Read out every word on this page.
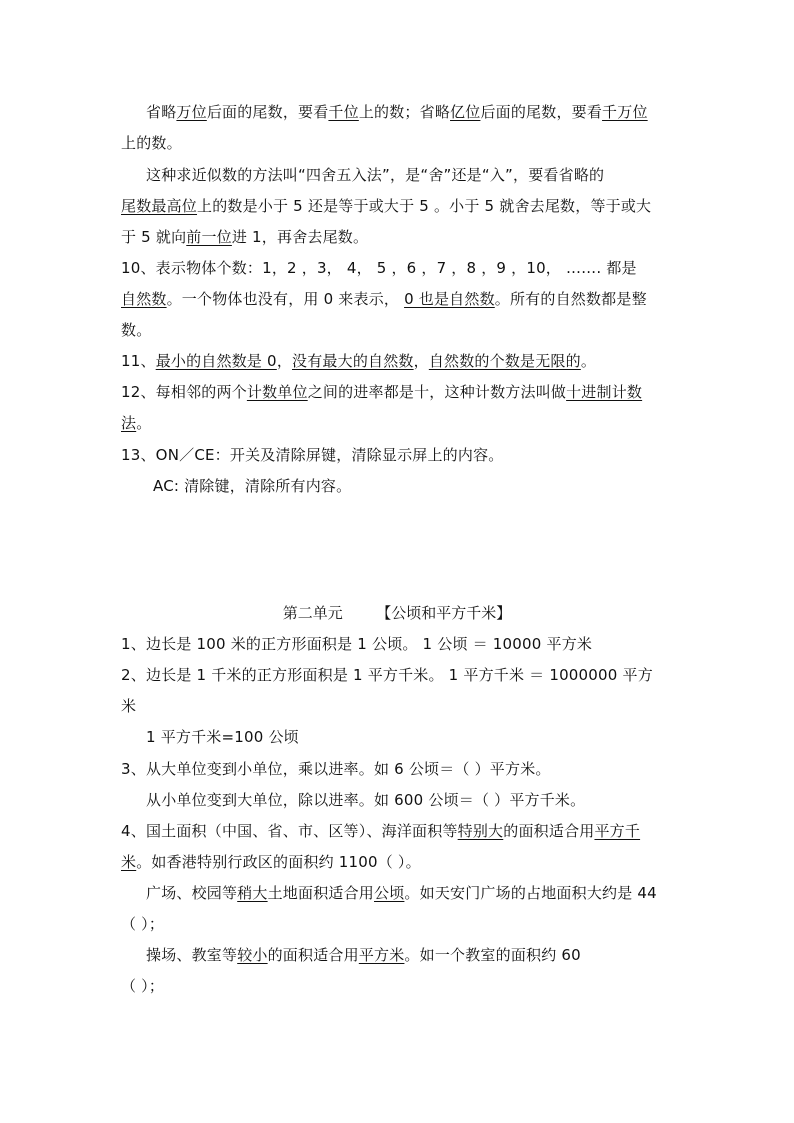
省略万位后面的尾数，要看千位上的数；省略亿位后面的尾数，要看千万位
上的数。
这种求近似数的方法叫“四舍五入法”，是“舍”还是“入”，要看省略的
尾数最高位上的数是小于 5 还是等于或大于 5 。小于 5 就舍去尾数，等于或大
于 5 就向前一位进 1，再舍去尾数。
10、表示物体个数：1，2 ，3， 4， 5 ，6 ，7 ，8 ，9 ，10， ……. 都是
自然数。一个物体也没有，用 0 来表示， 0 也是自然数。所有的自然数都是整
数。
11、最小的自然数是 0，没有最大的自然数，自然数的个数是无限的。
12、每相邻的两个计数单位之间的进率都是十，这种计数方法叫做十进制计数
法。
13、ON／CE：开关及清除屏键，清除显示屏上的内容。
AC: 清除键，清除所有内容。
第二单元 【公顷和平方千米】
1、边长是 100 米的正方形面积是 1 公顷。 1 公顷 ＝ 10000 平方米
2、边长是 1 千米的正方形面积是 1 平方千米。 1 平方千米 ＝ 1000000 平方
米
1 平方千米=100 公顷
3、从大单位变到小单位，乘以进率。如 6 公顷＝（ ）平方米。
从小单位变到大单位，除以进率。如 600 公顷＝（ ）平方千米。
4、国土面积（中国、省、市、区等）、海洋面积等特别大的面积适合用平方千
米。如香港特别行政区的面积约 1100（ ）。
广场、校园等稍大土地面积适合用公顷。如天安门广场的占地面积大约是 44
（ ）；
操场、教室等较小的面积适合用平方米。如一个教室的面积约 60
（ ）；
